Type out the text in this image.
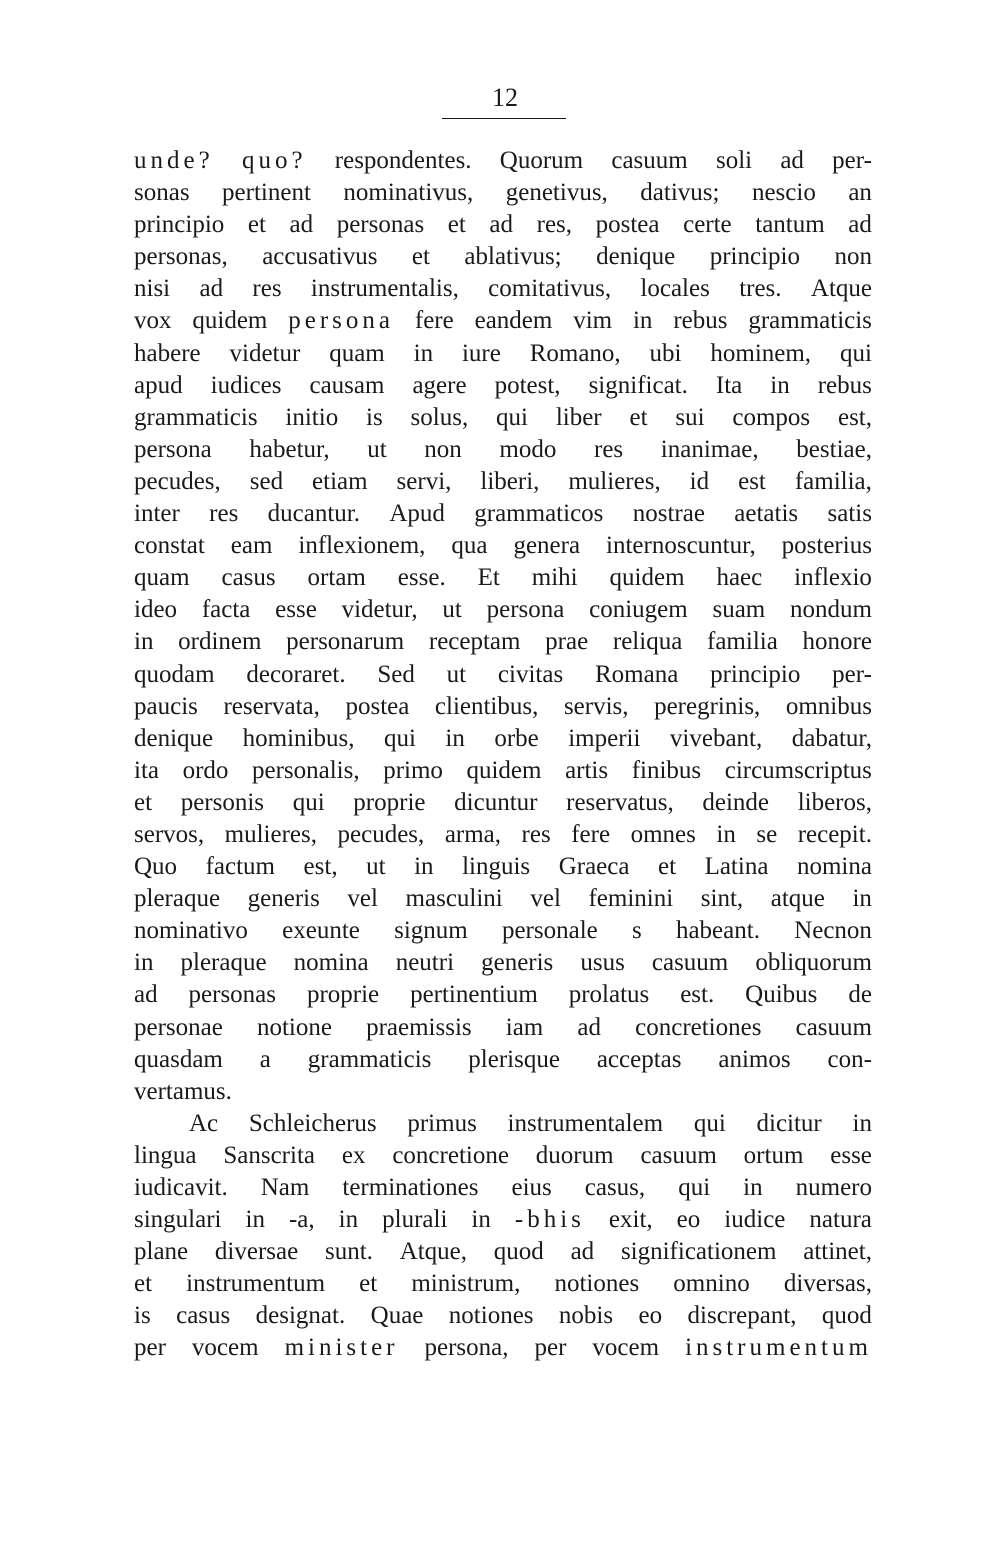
12
unde? quo? respondentes. Quorum casuum soli ad per-
sonas pertinent nominativus, genetivus, dativus; nescio an
principio et ad personas et ad res, postea certe tantum ad
personas, accusativus et ablativus; denique principio non
nisi ad res instrumentalis, comitativus, locales tres. Atque
vox quidem persona fere eandem vim in rebus grammaticis
habere videtur quam in iure Romano, ubi hominem, qui
apud iudices causam agere potest, significat. Ita in rebus
grammaticis initio is solus, qui liber et sui compos est,
persona habetur, ut non modo res inanimae, bestiae,
pecudes, sed etiam servi, liberi, mulieres, id est familia,
inter res ducantur. Apud grammaticos nostrae aetatis satis
constat eam inflexionem, qua genera internoscuntur, posterius
quam casus ortam esse. Et mihi quidem haec inflexio
ideo facta esse videtur, ut persona coniugem suam nondum
in ordinem personarum receptam prae reliqua familia honore
quodam decoraret. Sed ut civitas Romana principio per-
paucis reservata, postea clientibus, servis, peregrinis, omnibus
denique hominibus, qui in orbe imperii vivebant, dabatur,
ita ordo personalis, primo quidem artis finibus circumscriptus
et personis qui proprie dicuntur reservatus, deinde liberos,
servos, mulieres, pecudes, arma, res fere omnes in se recepit.
Quo factum est, ut in linguis Graeca et Latina nomina
pleraque generis vel masculini vel feminini sint, atque in
nominativo exeunte signum personale s habeant. Necnon
in pleraque nomina neutri generis usus casuum obliquorum
ad personas proprie pertinentium prolatus est. Quibus de
personae notione praemissis iam ad concretiones casuum
quasdam a grammaticis plerisque acceptas animos con-
vertamus.
Ac Schleicherus primus instrumentalem qui dicitur in
lingua Sanscrita ex concretione duorum casuum ortum esse
iudicavit. Nam terminationes eius casus, qui in numero
singulari in -a, in plurali in -bhis exit, eo iudice natura
plane diversae sunt. Atque, quod ad significationem attinet,
et instrumentum et ministrum, notiones omnino diversas,
is casus designat. Quae notiones nobis eo discrepant, quod
per vocem minister persona, per vocem instrumentum
